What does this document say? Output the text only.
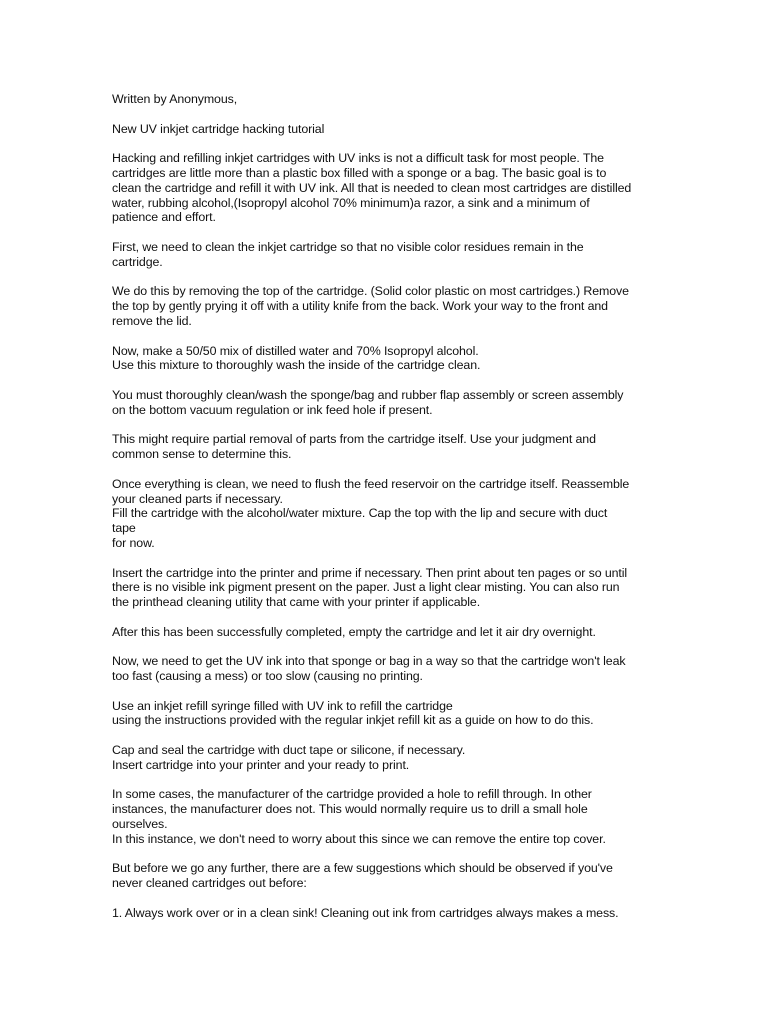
Written by Anonymous,

New UV inkjet cartridge hacking tutorial

Hacking and refilling inkjet cartridges with UV inks is not a difficult task for most people. The
cartridges are little more than a plastic box filled with a sponge or a bag. The basic goal is to
clean the cartridge and refill it with UV ink. All that is needed to clean most cartridges are distilled
water, rubbing alcohol,(Isopropyl alcohol 70% minimum)a razor, a sink and a minimum of
patience and effort.

First, we need to clean the inkjet cartridge so that no visible color residues remain in the
cartridge.

We do this by removing the top of the cartridge. (Solid color plastic on most cartridges.) Remove
the top by gently prying it off with a utility knife from the back. Work your way to the front and
remove the lid.

Now, make a 50/50 mix of distilled water and 70% Isopropyl alcohol.
Use this mixture to thoroughly wash the inside of the cartridge clean.

You must thoroughly clean/wash the sponge/bag and rubber flap assembly or screen assembly
on the bottom vacuum regulation or ink feed hole if present.

This might require partial removal of parts from the cartridge itself. Use your judgment and
common sense to determine this.

Once everything is clean, we need to flush the feed reservoir on the cartridge itself. Reassemble
your cleaned parts if necessary.
Fill the cartridge with the alcohol/water mixture. Cap the top with the lip and secure with duct tape
for now.

Insert the cartridge into the printer and prime if necessary. Then print about ten pages or so until
there is no visible ink pigment present on the paper. Just a light clear misting. You can also run
the printhead cleaning utility that came with your printer if applicable.

After this has been successfully completed, empty the cartridge and let it air dry overnight.

Now, we need to get the UV ink into that sponge or bag in a way so that the cartridge won't leak
too fast (causing a mess) or too slow (causing no printing.

Use an inkjet refill syringe filled with UV ink to refill the cartridge
using the instructions provided with the regular inkjet refill kit as a guide on how to do this.

Cap and seal the cartridge with duct tape or silicone, if necessary.
Insert cartridge into your printer and your ready to print.

In some cases, the manufacturer of the cartridge provided a hole to refill through. In other
instances, the manufacturer does not. This would normally require us to drill a small hole
ourselves.
In this instance, we don't need to worry about this since we can remove the entire top cover.

But before we go any further, there are a few suggestions which should be observed if you've
never cleaned cartridges out before:

1. Always work over or in a clean sink! Cleaning out ink from cartridges always makes a mess.
